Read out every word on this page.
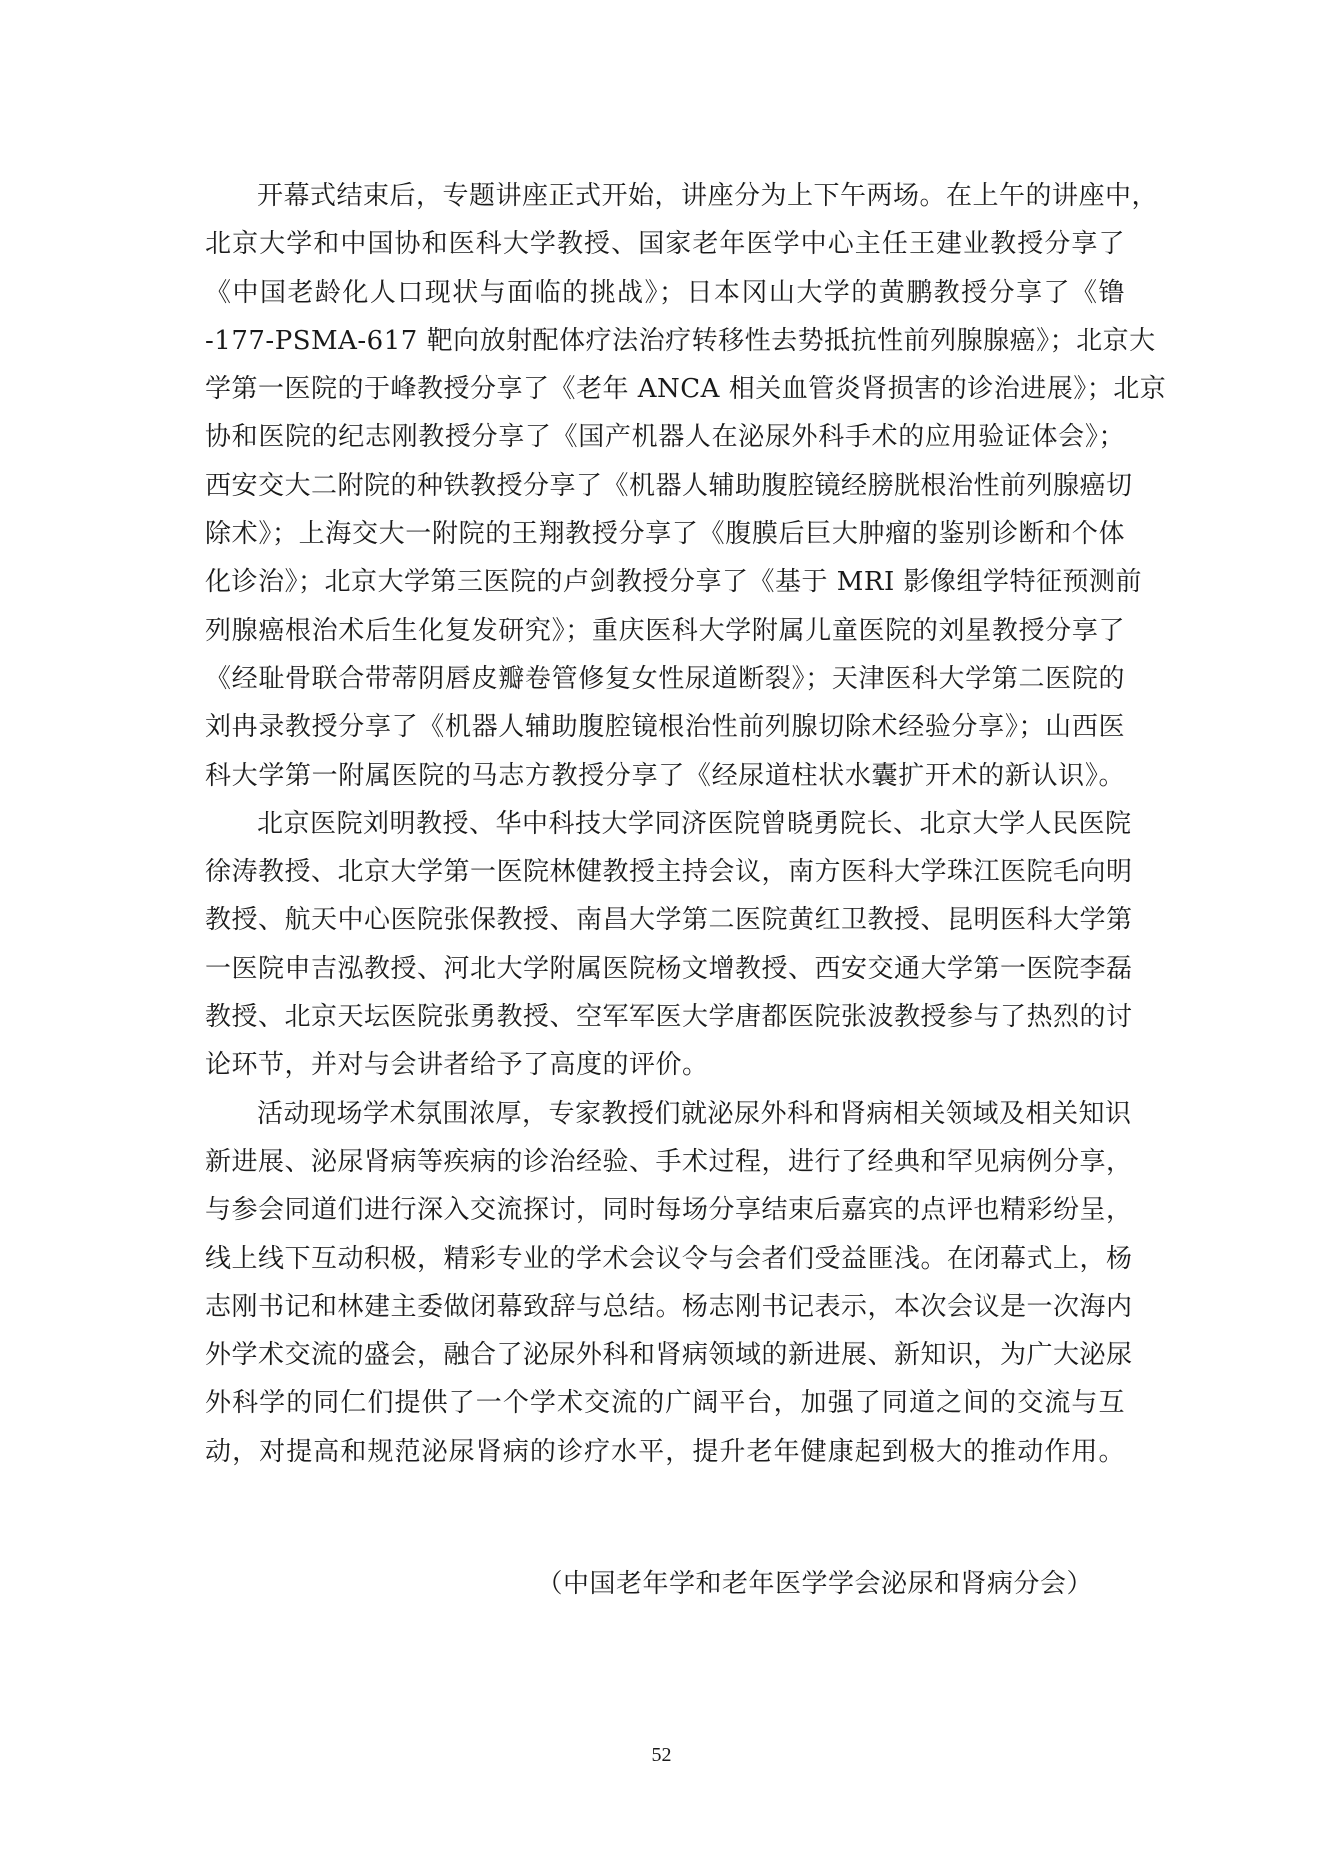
开幕式结束后，专题讲座正式开始，讲座分为上下午两场。在上午的讲座中，
北京大学和中国协和医科大学教授、国家老年医学中心主任王建业教授分享了
《中国老龄化人口现状与面临的挑战》；日本冈山大学的黄鹏教授分享了《镥
-177-PSMA-617 靶向放射配体疗法治疗转移性去势抵抗性前列腺腺癌》；北京大
学第一医院的于峰教授分享了《老年 ANCA 相关血管炎肾损害的诊治进展》；北京
协和医院的纪志刚教授分享了《国产机器人在泌尿外科手术的应用验证体会》；
西安交大二附院的种铁教授分享了《机器人辅助腹腔镜经膀胱根治性前列腺癌切
除术》；上海交大一附院的王翔教授分享了《腹膜后巨大肿瘤的鉴别诊断和个体
化诊治》；北京大学第三医院的卢剑教授分享了《基于 MRI 影像组学特征预测前
列腺癌根治术后生化复发研究》；重庆医科大学附属儿童医院的刘星教授分享了
《经耻骨联合带蒂阴唇皮瓣卷管修复女性尿道断裂》；天津医科大学第二医院的
刘冉录教授分享了《机器人辅助腹腔镜根治性前列腺切除术经验分享》；山西医
科大学第一附属医院的马志方教授分享了《经尿道柱状水囊扩开术的新认识》。
北京医院刘明教授、华中科技大学同济医院曾晓勇院长、北京大学人民医院
徐涛教授、北京大学第一医院林健教授主持会议，南方医科大学珠江医院毛向明
教授、航天中心医院张保教授、南昌大学第二医院黄红卫教授、昆明医科大学第
一医院申吉泓教授、河北大学附属医院杨文增教授、西安交通大学第一医院李磊
教授、北京天坛医院张勇教授、空军军医大学唐都医院张波教授参与了热烈的讨
论环节，并对与会讲者给予了高度的评价。
活动现场学术氛围浓厚，专家教授们就泌尿外科和肾病相关领域及相关知识
新进展、泌尿肾病等疾病的诊治经验、手术过程，进行了经典和罕见病例分享，
与参会同道们进行深入交流探讨，同时每场分享结束后嘉宾的点评也精彩纷呈，
线上线下互动积极，精彩专业的学术会议令与会者们受益匪浅。在闭幕式上，杨
志刚书记和林建主委做闭幕致辞与总结。杨志刚书记表示，本次会议是一次海内
外学术交流的盛会，融合了泌尿外科和肾病领域的新进展、新知识，为广大泌尿
外科学的同仁们提供了一个学术交流的广阔平台，加强了同道之间的交流与互
动，对提高和规范泌尿肾病的诊疗水平，提升老年健康起到极大的推动作用。
（中国老年学和老年医学学会泌尿和肾病分会）
52
